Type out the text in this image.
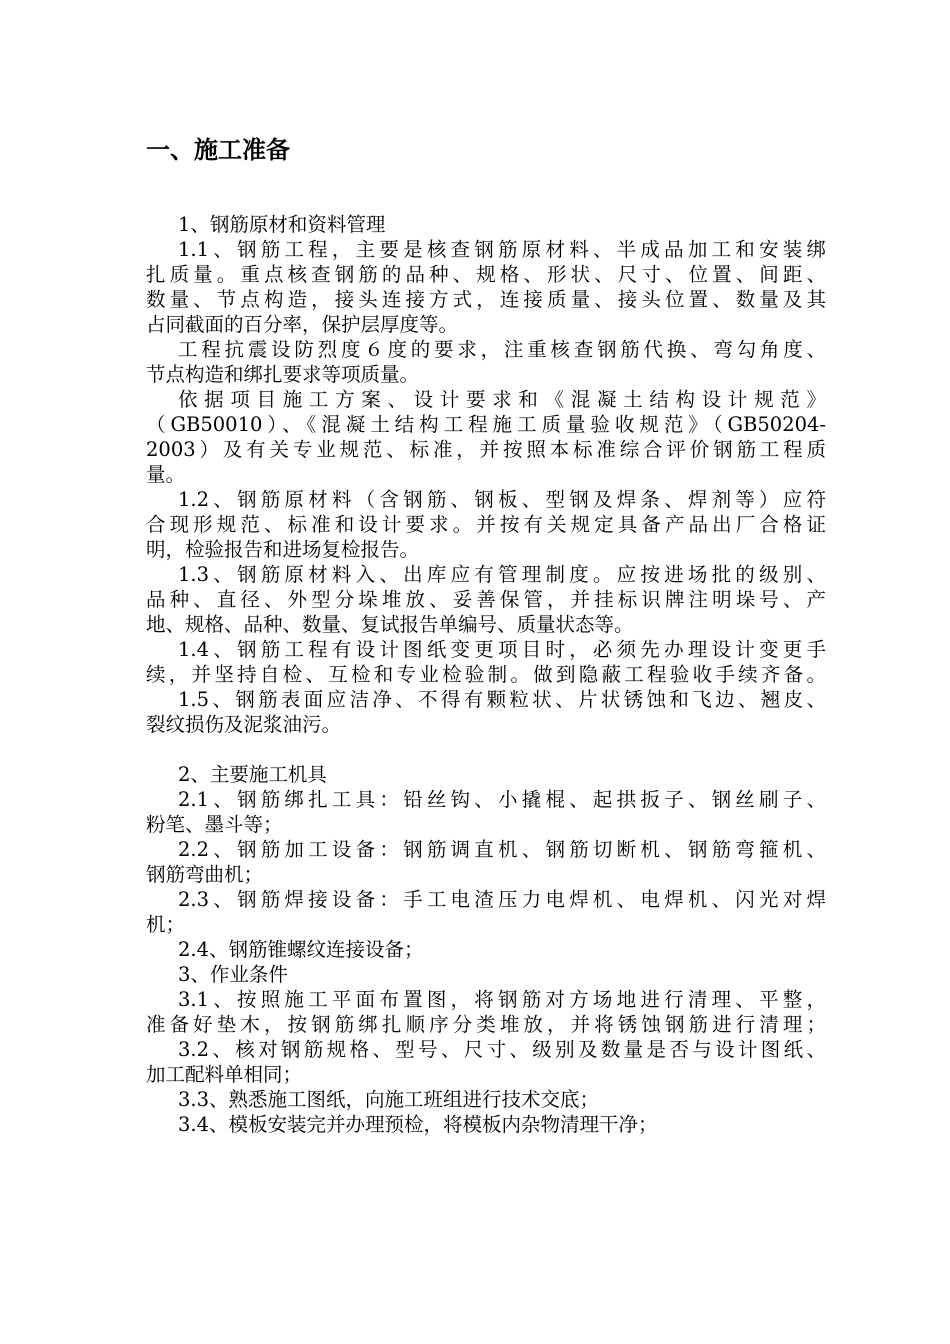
一、施工准备
1、钢筋原材和资料管理
1.1、钢筋工程，主要是核查钢筋原材料、半成品加工和安装绑
扎质量。重点核查钢筋的品种、规格、形状、尺寸、位置、间距、
数量、节点构造，接头连接方式，连接质量、接头位置、数量及其
占同截面的百分率，保护层厚度等。
工程抗震设防烈度６度的要求，注重核查钢筋代换、弯勾角度、
节点构造和绑扎要求等项质量。
依据项目施工方案、设计要求和《混凝土结构设计规范》
（GB50010）、《混凝土结构工程施工质量验收规范》（GB50204-
2003）及有关专业规范、标准，并按照本标准综合评价钢筋工程质
量。
1.2、钢筋原材料（含钢筋、钢板、型钢及焊条、焊剂等）应符
合现形规范、标准和设计要求。并按有关规定具备产品出厂合格证
明，检验报告和进场复检报告。
1.3、钢筋原材料入、出库应有管理制度。应按进场批的级别、
品种、直径、外型分垛堆放、妥善保管，并挂标识牌注明垛号、产
地、规格、品种、数量、复试报告单编号、质量状态等。
1.4、钢筋工程有设计图纸变更项目时，必须先办理设计变更手
续，并坚持自检、互检和专业检验制。做到隐蔽工程验收手续齐备。
1.5、钢筋表面应洁净、不得有颗粒状、片状锈蚀和飞边、翘皮、
裂纹损伤及泥浆油污。
2、主要施工机具
2.1、钢筋绑扎工具：铅丝钩、小撬棍、起拱扳子、钢丝刷子、
粉笔、墨斗等；
2.2、钢筋加工设备：钢筋调直机、钢筋切断机、钢筋弯箍机、
钢筋弯曲机；
2.3、钢筋焊接设备：手工电渣压力电焊机、电焊机、闪光对焊
机；
2.4、钢筋锥螺纹连接设备；
3、作业条件
3.1、按照施工平面布置图，将钢筋对方场地进行清理、平整，
准备好垫木，按钢筋绑扎顺序分类堆放，并将锈蚀钢筋进行清理；
3.2、核对钢筋规格、型号、尺寸、级别及数量是否与设计图纸、
加工配料单相同；
3.3、熟悉施工图纸，向施工班组进行技术交底；
3.4、模板安装完并办理预检，将模板内杂物清理干净；
